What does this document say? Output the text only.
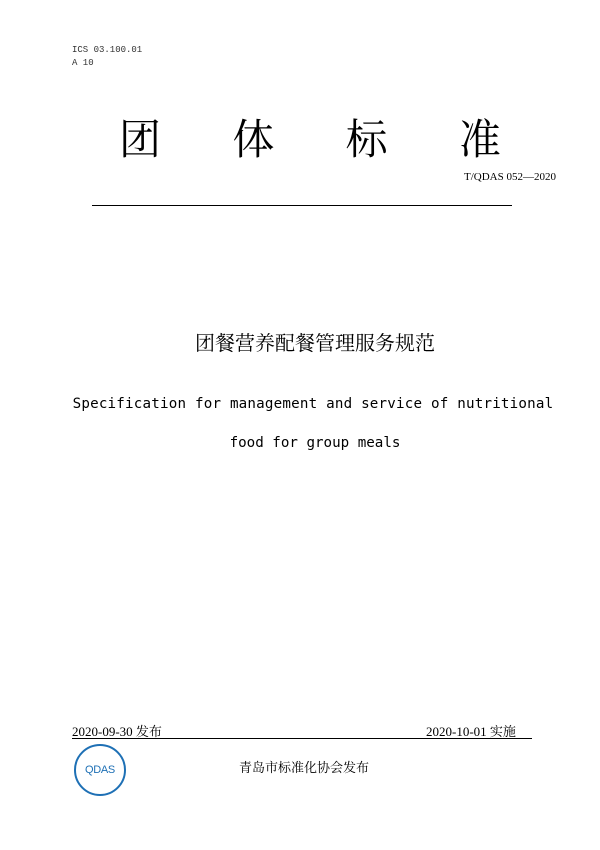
ICS 03.100.01
A 10
团 体 标 准
T/QDAS 052—2020
团餐营养配餐管理服务规范
Specification for management and service of nutritional
food for group meals
2020-09-30 发布	2020-10-01 实施
QDAS	青岛市标准化协会发布
